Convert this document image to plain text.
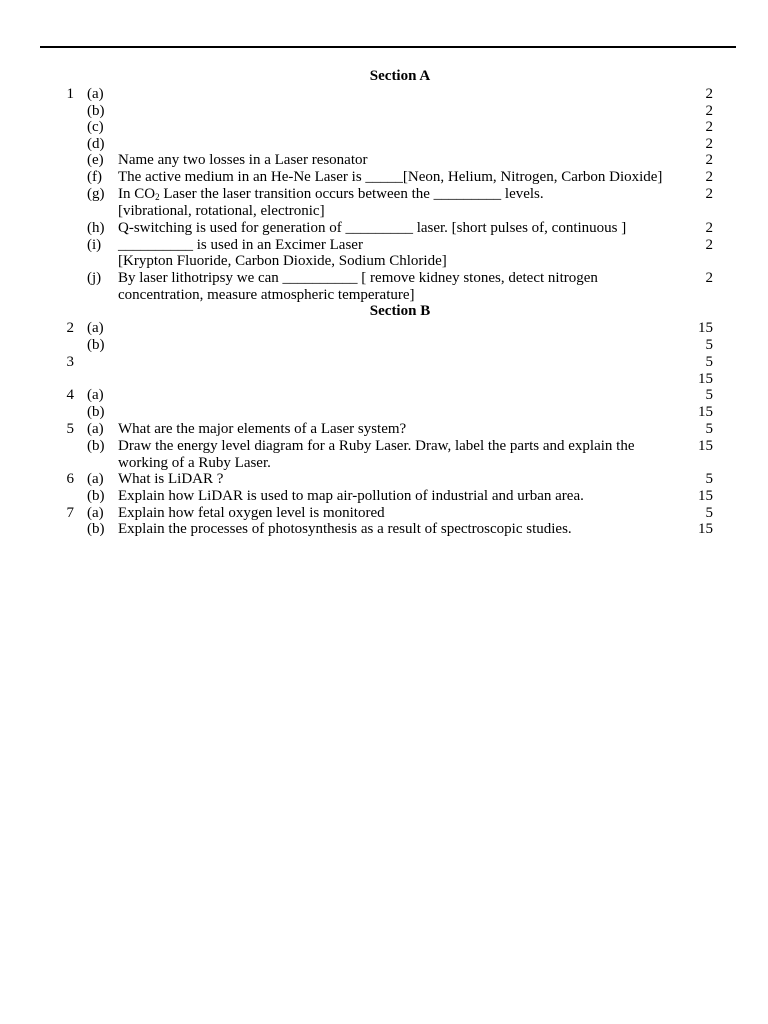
Section A
1 (a)	2
(b)	2
(c)	2
(d)	2
(e) Name any two losses in a Laser resonator	2
(f) The active medium in an He-Ne Laser is _____[Neon, Helium, Nitrogen, Carbon Dioxide]	2
(g) In $CO_2$ Laser the laser transition occurs between the _________ levels.	2
[vibrational, rotational, electronic]
(h) Q-switching is used for generation of _________ laser. [short pulses of, continuous ]	2
(i) __________ is used in an Excimer Laser	2
[Krypton Fluoride, Carbon Dioxide, Sodium Chloride]
(j) By laser lithotripsy we can __________ [ remove kidney stones, detect nitrogen	2
concentration, measure atmospheric temperature]
Section B
2 (a)	15
(b)	5
3	5
15
4 (a)	5
(b)	15
5 (a) What are the major elements of a Laser system?	5
(b) Draw the energy level diagram for a Ruby Laser. Draw, label the parts and explain the	15
working of a Ruby Laser.
6 (a) What is LiDAR ?	5
(b) Explain how LiDAR is used to map air-pollution of industrial and urban area.	15
7 (a) Explain how fetal oxygen level is monitored	5
(b) Explain the processes of photosynthesis as a result of spectroscopic studies.	15
